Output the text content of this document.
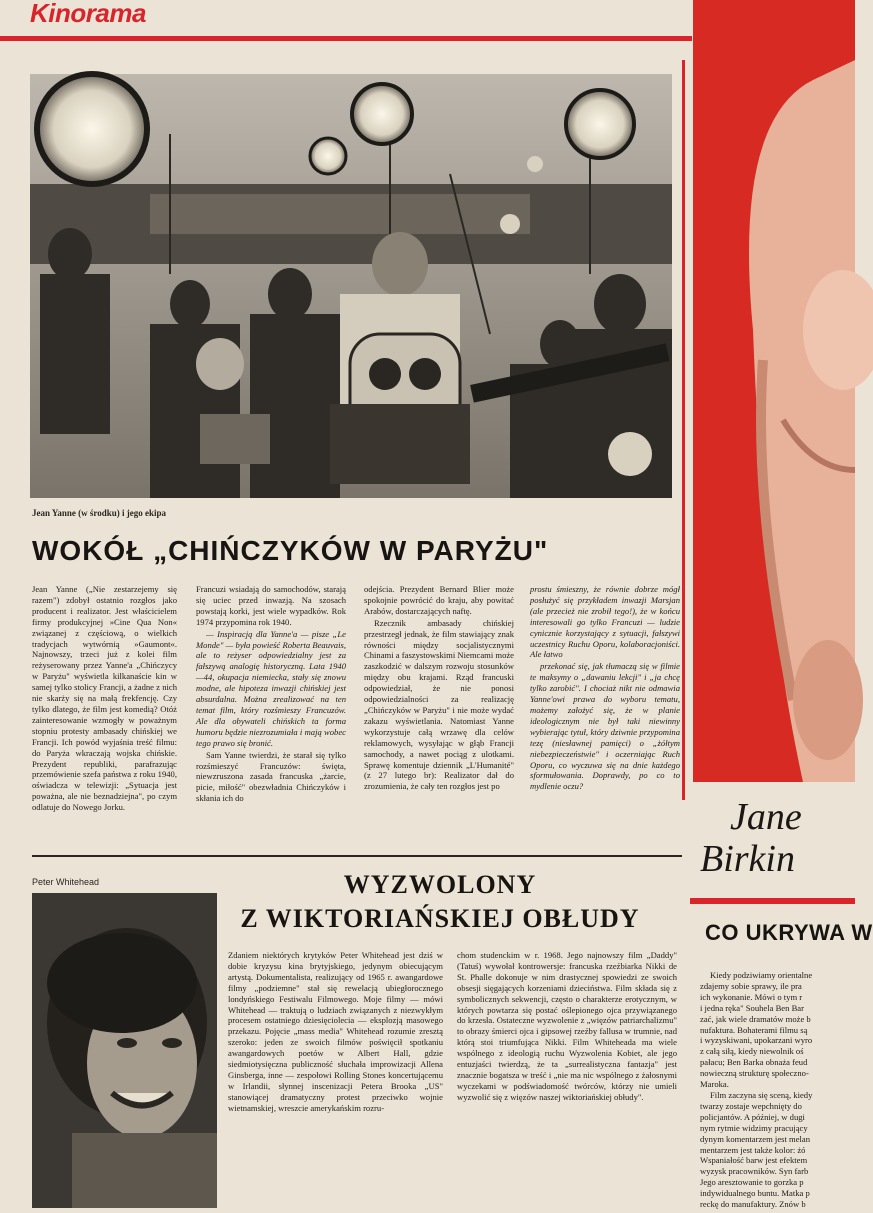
Kinorama
Jean Yanne (w środku) i jego ekipa
WOKÓŁ „CHIŃCZYKÓW W PARYŻU"

Jean Yanne („Nie zestarzejemy się razem") zdobył ostatnio rozgłos jako producent i realizator. Jest właścicielem firmy produkcyjnej »Cine Qua Non« związanej z częściową, o wielkich tradycjach wytwórnią »Gaumont«. Najnowszy, trzeci już z kolei film reżyserowany przez Yanne'a „Chińczycy w Paryżu" wyświetla kilkanaście kin w samej tylko stolicy Francji, a żadne z nich nie skarży się na małą frekfencję. Czy tylko dlatego, że film jest komedią? Otóż zainteresowanie wzmogły w poważnym stopniu protesty ambasady chińskiej we Francji. Ich powód wyjaśnia treść filmu: do Paryża wkraczają wojska chińskie. Prezydent republiki, parafrazując przemówienie szefa państwa z roku 1940, oświadcza w telewizji: „Sytuacja jest poważna, ale nie beznadziejna", po czym odlatuje do Nowego Jorku.

Francuzi wsiadają do samochodów, starają się uciec przed inwazją. Na szosach powstają korki, jest wiele wypadków. Rok 1974 przypomina rok 1940.

— Inspiracją dla Yanne'a — pisze „Le Monde" — była powieść Roberta Beauvais, ale to reżyser odpowiedzialny jest za fałszywą analogię historyczną. Lata 1940—44, okupacja niemiecka, stały się znowu modne, ale hipoteza inwazji chińskiej jest absurdalna. Można zrealizować na ten temat film, który rozśmieszy Francuzów. Ale dla obywateli chińskich ta forma humoru będzie niezrozumiała i mają wobec tego prawo się bronić.

Sam Yanne twierdzi, że starał się tylko rozśmieszyć Francuzów: święta, niewzruszona zasada francuska „żarcie, picie, miłość" obezwładnia Chińczyków i skłania ich do

odejścia. Prezydent Bernard Blier może spokojnie powrócić do kraju, aby powitać Arabów, dostarczających naftę.

Rzecznik ambasady chińskiej przestrzegł jednak, że film stawiający znak równości między socjalistycznymi Chinami a faszystowskimi Niemcami może zaszkodzić w dalszym rozwoju stosunków między obu krajami. Rząd francuski odpowiedział, że nie ponosi odpowiedzialności za realizację „Chińczyków w Paryżu" i nie może wydać zakazu wyświetlania. Natomiast Yanne wykorzystuje całą wrzawę dla celów reklamowych, wysyłając w głąb Francji samochody, a nawet pociąg z ulotkami. Sprawę komentuje dziennik „L'Humanité" (z 27 lutego br): Realizator dał do zrozumienia, że cały ten rozgłos jest po

prostu śmieszny, że równie dobrze mógł posłużyć się przykładem inwazji Marsjan (ale przecież nie zrobił tego!), że w końcu interesowali go tylko Francuzi — ludzie cynicznie korzystający z sytuacji, fałszywi uczestnicy Ruchu Oporu, kolaboracjoniści. Ale łatwo

przekonać się, jak tłumaczą się w filmie te maksymy o „dawaniu lekcji" i „ja chcę tylko zarobić". I chociaż nikt nie odmawia Yanne'owi prawa do wyboru tematu, możemy założyć się, że w planie ideologicznym nie był taki niewinny wybierając tytuł, który dziwnie przypomina tezę (niesławnej pamięci) o „żółtym niebezpieczeństwie" i oczerniając Ruch Oporu, co wyczuwa się na dnie każdego sformułowania. Doprawdy, po co to mydlenie oczu?

Peter Whitehead	WYZWOLONY
Z WIKTORIAŃSKIEJ OBŁUDY

Zdaniem niektórych krytyków Peter Whitehead jest dziś w dobie kryzysu kina brytyjskiego, jedynym obiecującym artystą. Dokumentalista, realizujący od 1965 r. awangardowe filmy „podziemne" stał się rewelacją ubiegłorocznego londyńskiego Festiwalu Filmowego. Moje filmy — mówi Whitehead — traktują o ludziach związanych z niezwykłym procesem ostatniego dziesięciolecia — eksplozją masowego przekazu. Pojęcie „mass media" Whitehead rozumie zresztą szeroko: jeden ze swoich filmów poświęcił spotkaniu awangardowych poetów w Albert Hall, gdzie siedmiotysięczna publiczność słuchała improwizacji Allena Ginsberga, inne — zespołowi Rolling Stones koncertującemu w Irlandii, słynnej inscenizacji Petera Brooka „US" stanowiącej dramatyczny protest przeciwko wojnie wietnamskiej, wreszcie amerykańskim rozru-

chom studenckim w r. 1968. Jego najnowszy film „Daddy" (Tatuś) wywołał kontrowersje: francuska rzeźbiarka Nikki de St. Phalle dokonuje w nim drastycznej spowiedzi ze swoich obsesji sięgających korzeniami dzieciństwa. Film składa się z symbolicznych sekwencji, często o charakterze erotycznym, w których powtarza się postać oślepionego ojca przywiązanego do krzesła. Ostateczne wyzwolenie z „więzów patriarchalizmu" to obrazy śmierci ojca i gipsowej rzeźby fallusa w trumnie, nad którą stoi triumfująca Nikki. Film Whiteheada ma wiele wspólnego z ideologią ruchu Wyzwolenia Kobiet, ale jego entuzjaści twierdzą, że ta „surrealistyczna fantazja" jest znacznie bogatsza w treść i „nie ma nic wspólnego z żałosnymi wyczekami w podświadomość twórców, którzy nie umieli wyzwolić się z więzów naszej wiktoriańskiej obłudy".

Jane
Birkin
CO UKRYWA W

Kiedy podziwiamy orientalne

zdajemy sobie sprawy, ile pra

ich wykonanie. Mówi o tym r

i jedna ręka" Souhela Ben Bar

zać, jak wiele dramatów może b

nufaktura. Bohaterami filmu są

i wyzyskiwani, upokarzani wyro

z całą siłą, kiedy niewolnik oś

pałacu; Ben Barka obnaża feud

nowieczną strukturę społeczno-

Maroka.

Film zaczyna się sceną, kiedy

twarzy zostaje wepchnięty do

policjantów. A później, w dugi

nym rytmie widzimy pracujący

dynym komentarzem jest melan

mentarzem jest także kolor: żó

Wspaniałość barw jest efektem

wyzysk pracowników. Syn farb

Jego aresztowanie to gorzka p

indywidualnego buntu. Matka p

reckę do manufaktury. Znów b
